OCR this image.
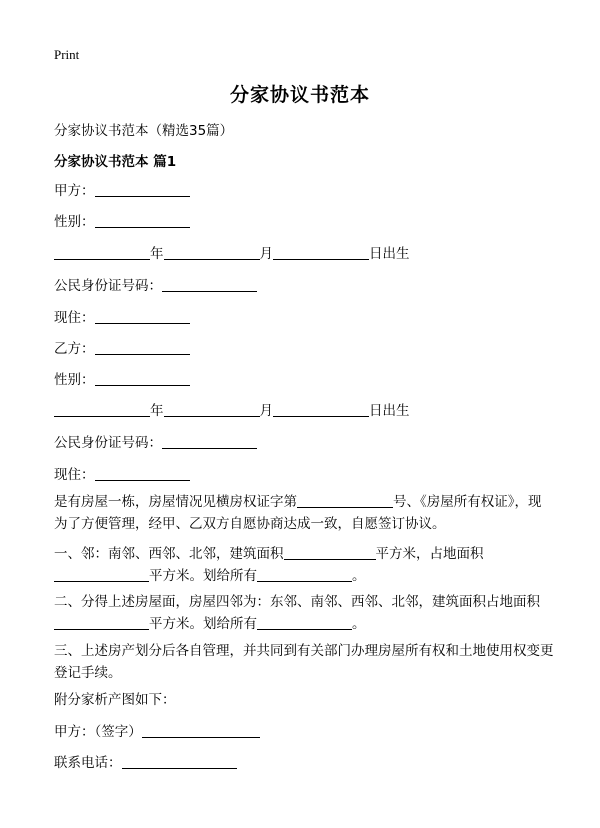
Print
分家协议书范本
分家协议书范本（精选35篇）
分家协议书范本 篇1
甲方：
性别：
年	月	日出生
公民身份证号码：
现住：
乙方：
性别：
年	月	日出生
公民身份证号码：
现住：
是有房屋一栋，房屋情况见横房权证字第	号、《房屋所有权证》，现为了方便管理，经甲、乙双方自愿协商达成一致，自愿签订协议。
一、邻：南邻、西邻、北邻，建筑面积	平方米，占地面积
平方米。划给所有	。
二、分得上述房屋面，房屋四邻为：东邻、南邻、西邻、北邻，建筑面积占地面积
平方米。划给所有	。
三、上述房产划分后各自管理，并共同到有关部门办理房屋所有权和土地使用权变更登记手续。
附分家析产图如下：
甲方：（签字）
联系电话：
